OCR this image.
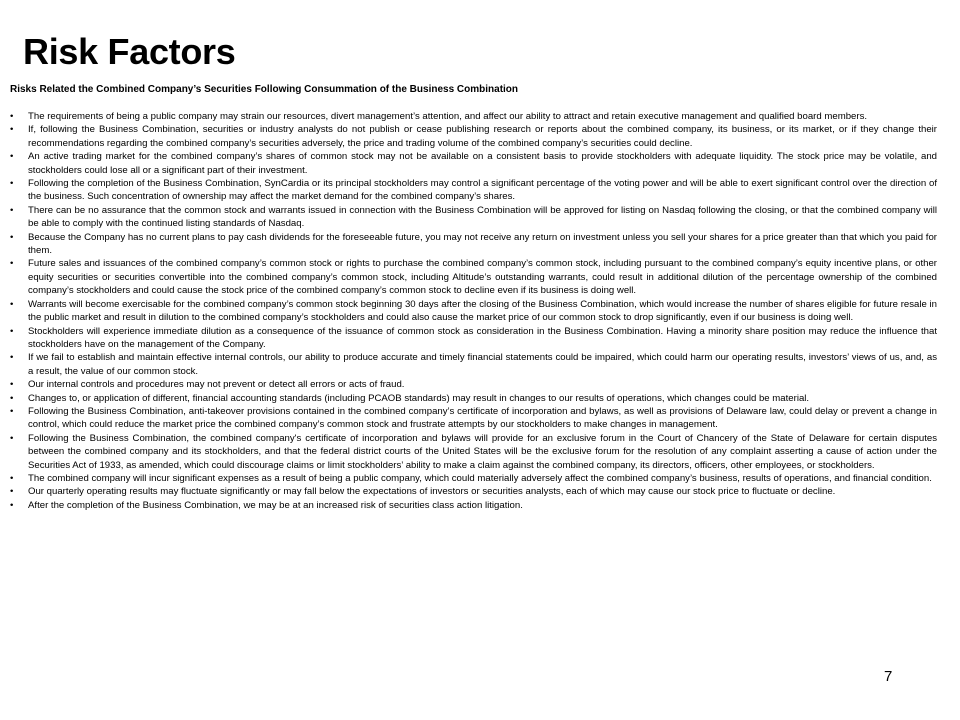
Risk Factors

Risks Related the Combined Company’s Securities Following Consummation of the Business Combination

• The requirements of being a public company may strain our resources, divert management’s attention, and affect our ability to attract and retain executive management and qualified board members.
• If, following the Business Combination, securities or industry analysts do not publish or cease publishing research or reports about the combined company, its business, or its market, or if they change their recommendations regarding the combined company’s securities adversely, the price and trading volume of the combined company’s securities could decline.
• An active trading market for the combined company’s shares of common stock may not be available on a consistent basis to provide stockholders with adequate liquidity. The stock price may be volatile, and stockholders could lose all or a significant part of their investment.
• Following the completion of the Business Combination, SynCardia or its principal stockholders may control a significant percentage of the voting power and will be able to exert significant control over the direction of the business. Such concentration of ownership may affect the market demand for the combined company’s shares.
• There can be no assurance that the common stock and warrants issued in connection with the Business Combination will be approved for listing on Nasdaq following the closing, or that the combined company will be able to comply with the continued listing standards of Nasdaq.
• Because the Company has no current plans to pay cash dividends for the foreseeable future, you may not receive any return on investment unless you sell your shares for a price greater than that which you paid for them.
• Future sales and issuances of the combined company’s common stock or rights to purchase the combined company’s common stock, including pursuant to the combined company’s equity incentive plans, or other equity securities or securities convertible into the combined company’s common stock, including Altitude’s outstanding warrants, could result in additional dilution of the percentage ownership of the combined company’s stockholders and could cause the stock price of the combined company’s common stock to decline even if its business is doing well.
• Warrants will become exercisable for the combined company’s common stock beginning 30 days after the closing of the Business Combination, which would increase the number of shares eligible for future resale in the public market and result in dilution to the combined company’s stockholders and could also cause the market price of our common stock to drop significantly, even if our business is doing well.
• Stockholders will experience immediate dilution as a consequence of the issuance of common stock as consideration in the Business Combination. Having a minority share position may reduce the influence that stockholders have on the management of the Company.
• If we fail to establish and maintain effective internal controls, our ability to produce accurate and timely financial statements could be impaired, which could harm our operating results, investors’ views of us, and, as a result, the value of our common stock.
• Our internal controls and procedures may not prevent or detect all errors or acts of fraud.
• Changes to, or application of different, financial accounting standards (including PCAOB standards) may result in changes to our results of operations, which changes could be material.
• Following the Business Combination, anti-takeover provisions contained in the combined company’s certificate of incorporation and bylaws, as well as provisions of Delaware law, could delay or prevent a change in control, which could reduce the market price the combined company’s common stock and frustrate attempts by our stockholders to make changes in management.
• Following the Business Combination, the combined company's certificate of incorporation and bylaws will provide for an exclusive forum in the Court of Chancery of the State of Delaware for certain disputes between the combined company and its stockholders, and that the federal district courts of the United States will be the exclusive forum for the resolution of any complaint asserting a cause of action under the Securities Act of 1933, as amended, which could discourage claims or limit stockholders’ ability to make a claim against the combined company, its directors, officers, other employees, or stockholders.
• The combined company will incur significant expenses as a result of being a public company, which could materially adversely affect the combined company’s business, results of operations, and financial condition.
• Our quarterly operating results may fluctuate significantly or may fall below the expectations of investors or securities analysts, each of which may cause our stock price to fluctuate or decline.
• After the completion of the Business Combination, we may be at an increased risk of securities class action litigation.
7
